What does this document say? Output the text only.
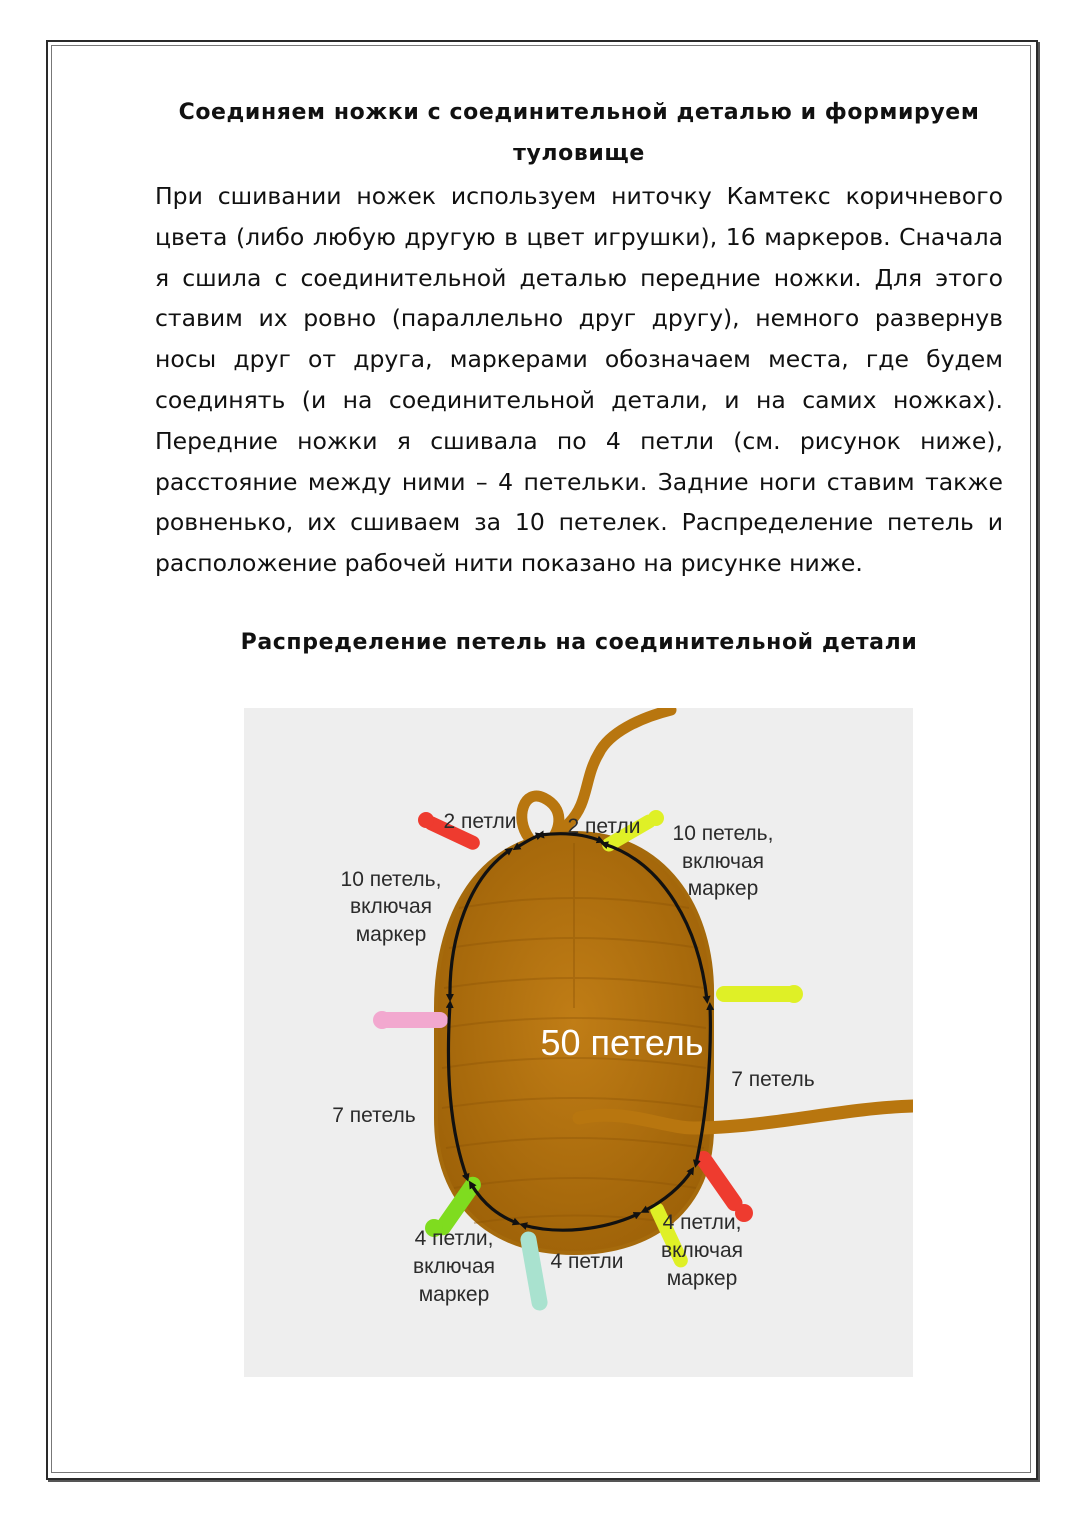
Соединяем ножки с соединительной деталью и формируем
туловище

При сшивании ножек используем ниточку Камтекс коричневого цвета (либо любую другую в цвет игрушки), 16 маркеров. Сначала я сшила с соединительной деталью передние ножки. Для этого ставим их ровно (параллельно друг другу), немного развернув носы друг от друга, маркерами обозначаем места, где будем соединять (и на соединительной детали, и на самих ножках). Передние ножки я сшивала по 4 петли (см. рисунок ниже), расстояние между ними – 4 петельки. Задние ноги ставим также ровненько, их сшиваем за 10 петелек. Распределение петель и расположение рабочей нити показано на рисунке ниже.

Распределение петель на соединительной детали
50 петель
2 петли 2 петли
10 петель,
включая
маркер
10 петель,
включая
маркер
7 петель
7 петель
4 петли,
включая
маркер
4 петли
4 петли,
включая
маркер
